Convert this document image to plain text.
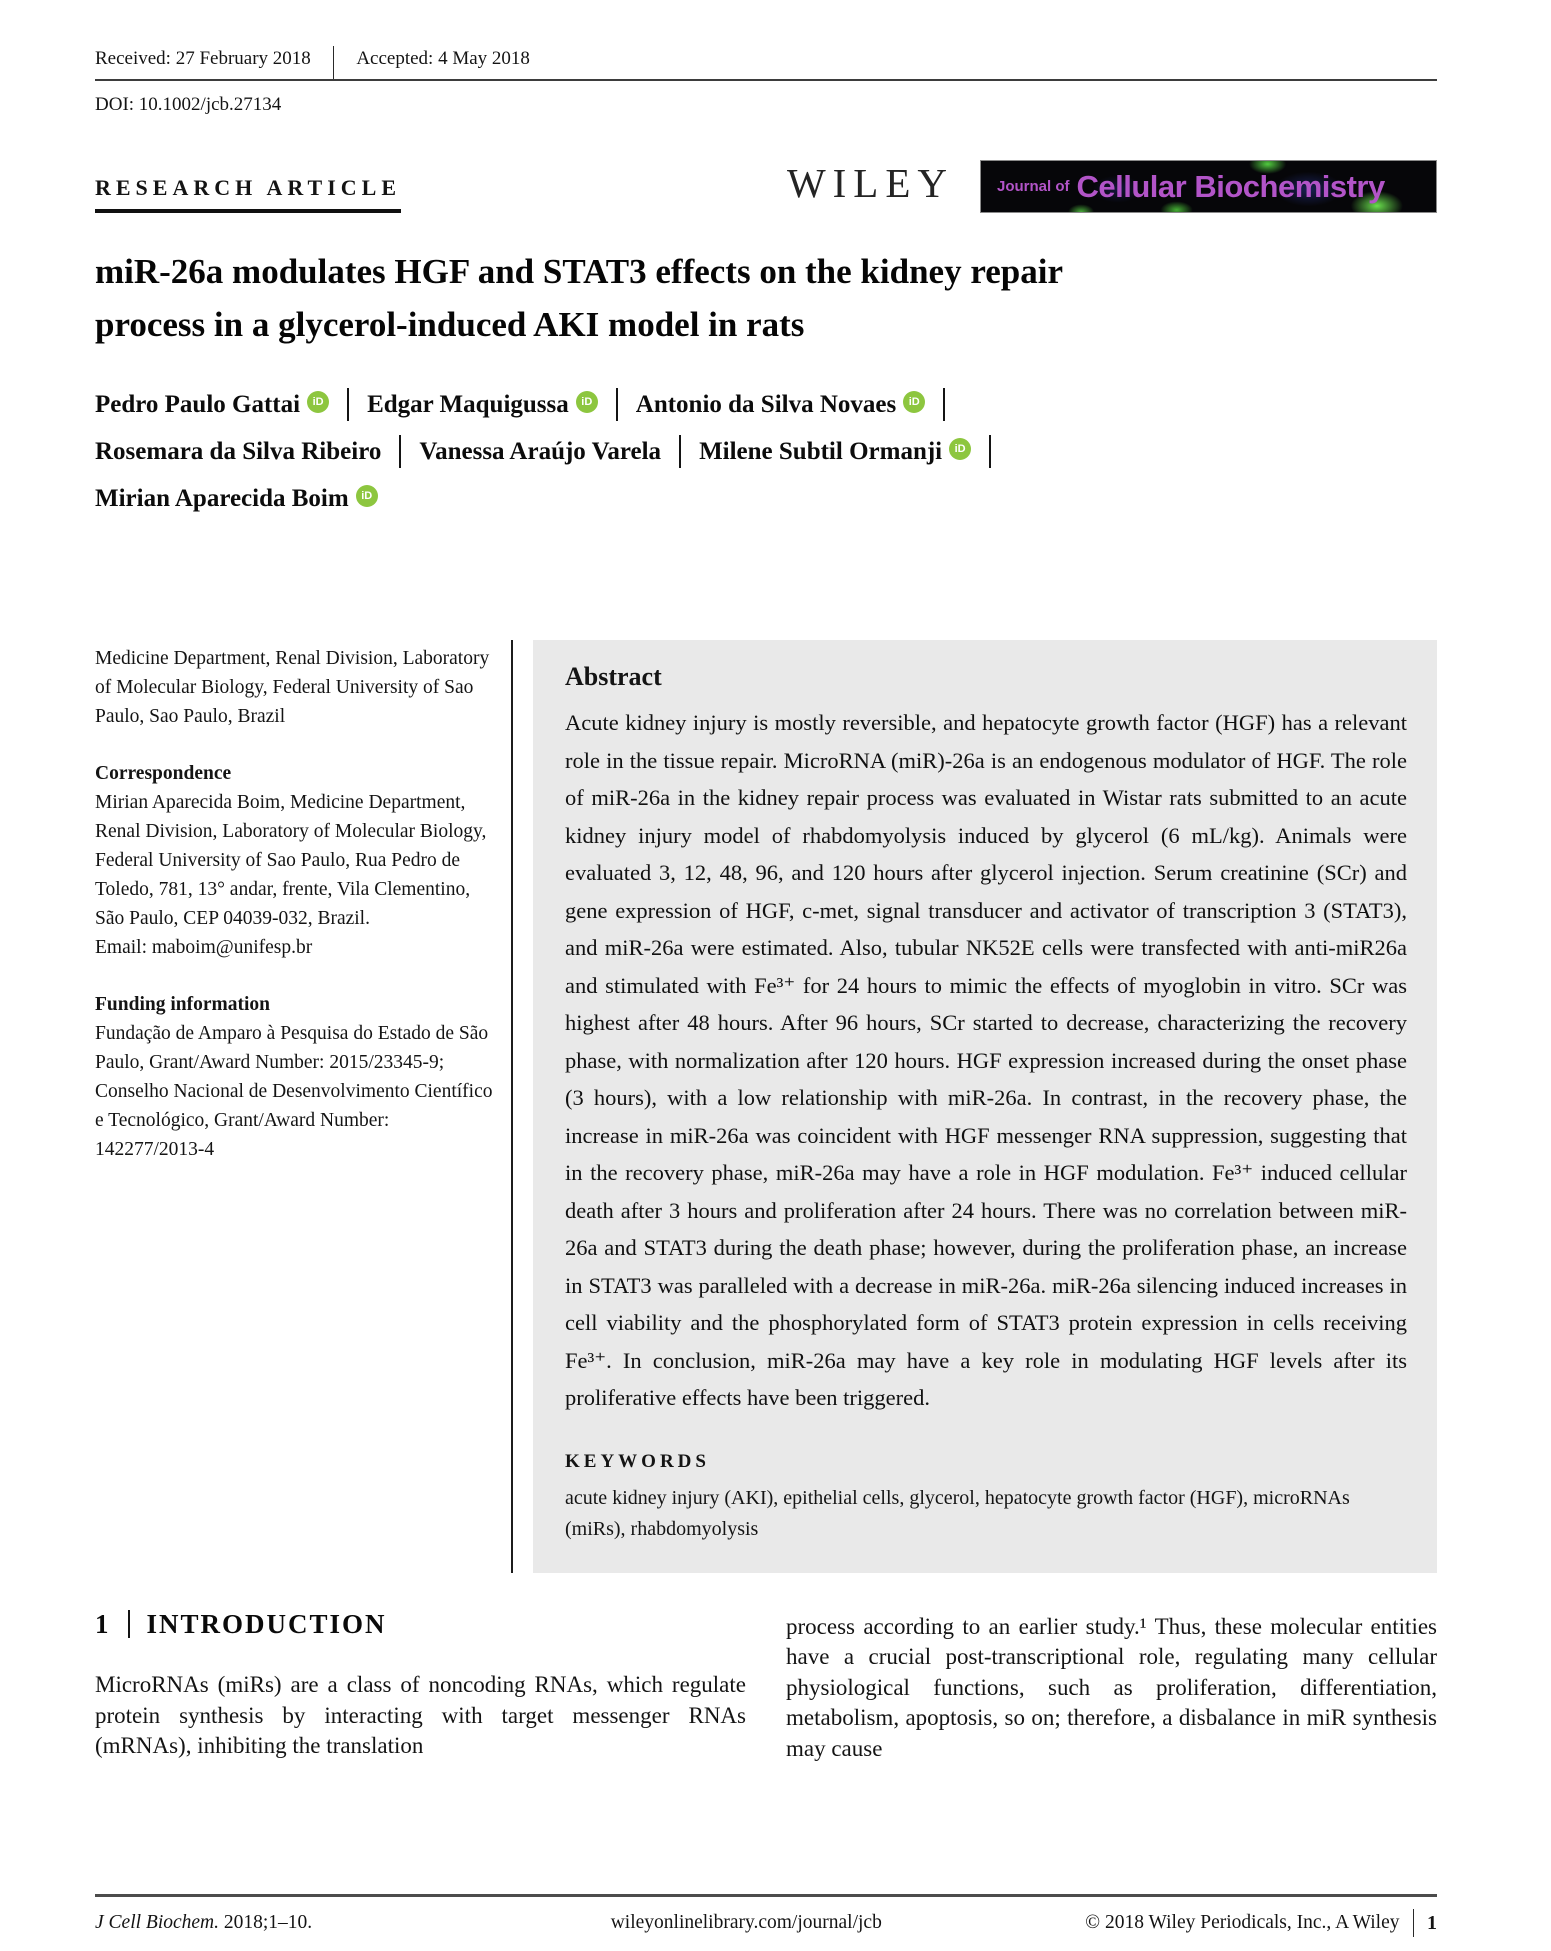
Received: 27 February 2018 Accepted: 4 May 2018
DOI: 10.1002/jcb.27134
RESEARCH ARTICLE	WILEY	Journal of Cellular Biochemistry
miR-26a modulates HGF and STAT3 effects on the kidney repair process in a glycerol-induced AKI model in rats
Pedro Paulo Gattai	iD Edgar Maquigussa	iD Antonio da Silva Novaes	iD
Rosemara da Silva Ribeiro Vanessa Araújo Varela Milene Subtil Ormanji	iD
Mirian Aparecida Boim	iD

Medicine Department, Renal Division, Laboratory of Molecular Biology, Federal University of Sao Paulo, Sao Paulo, Brazil

Correspondence

Mirian Aparecida Boim, Medicine Department, Renal Division, Laboratory of Molecular Biology, Federal University of Sao Paulo, Rua Pedro de Toledo, 781, 13° andar, frente, Vila Clementino, São Paulo, CEP 04039-032, Brazil.

Email: maboim@unifesp.br

Funding information

Fundação de Amparo à Pesquisa do Estado de São Paulo, Grant/Award Number: 2015/23345-9; Conselho Nacional de Desenvolvimento Científico e Tecnológico, Grant/Award Number: 142277/2013-4

Abstract

Acute kidney injury is mostly reversible, and hepatocyte growth factor (HGF) has a relevant role in the tissue repair. MicroRNA (miR)-26a is an endogenous modulator of HGF. The role of miR-26a in the kidney repair process was evaluated in Wistar rats submitted to an acute kidney injury model of rhabdomyolysis induced by glycerol (6 mL/kg). Animals were evaluated 3, 12, 48, 96, and 120 hours after glycerol injection. Serum creatinine (SCr) and gene expression of HGF, c-met, signal transducer and activator of transcription 3 (STAT3), and miR-26a were estimated. Also, tubular NK52E cells were transfected with anti-miR26a and stimulated with Fe³⁺ for 24 hours to mimic the effects of myoglobin in vitro. SCr was highest after 48 hours. After 96 hours, SCr started to decrease, characterizing the recovery phase, with normalization after 120 hours. HGF expression increased during the onset phase (3 hours), with a low relationship with miR-26a. In contrast, in the recovery phase, the increase in miR-26a was coincident with HGF messenger RNA suppression, suggesting that in the recovery phase, miR-26a may have a role in HGF modulation. Fe³⁺ induced cellular death after 3 hours and proliferation after 24 hours. There was no correlation between miR-26a and STAT3 during the death phase; however, during the proliferation phase, an increase in STAT3 was paralleled with a decrease in miR-26a. miR-26a silencing induced increases in cell viability and the phosphorylated form of STAT3 protein expression in cells receiving Fe³⁺. In conclusion, miR-26a may have a key role in modulating HGF levels after its proliferative effects have been triggered.

KEYWORDS

acute kidney injury (AKI), epithelial cells, glycerol, hepatocyte growth factor (HGF), microRNAs (miRs), rhabdomyolysis

1 INTRODUCTION

MicroRNAs (miRs) are a class of noncoding RNAs, which regulate protein synthesis by interacting with target messenger RNAs (mRNAs), inhibiting the translation

process according to an earlier study.¹ Thus, these molecular entities have a crucial post-transcriptional role, regulating many cellular physiological functions, such as proliferation, differentiation, metabolism, apoptosis, so on; therefore, a disbalance in miR synthesis may cause

J Cell Biochem. 2018;1–10.	wileyonlinelibrary.com/journal/jcb	© 2018 Wiley Periodicals, Inc., A Wiley 1
